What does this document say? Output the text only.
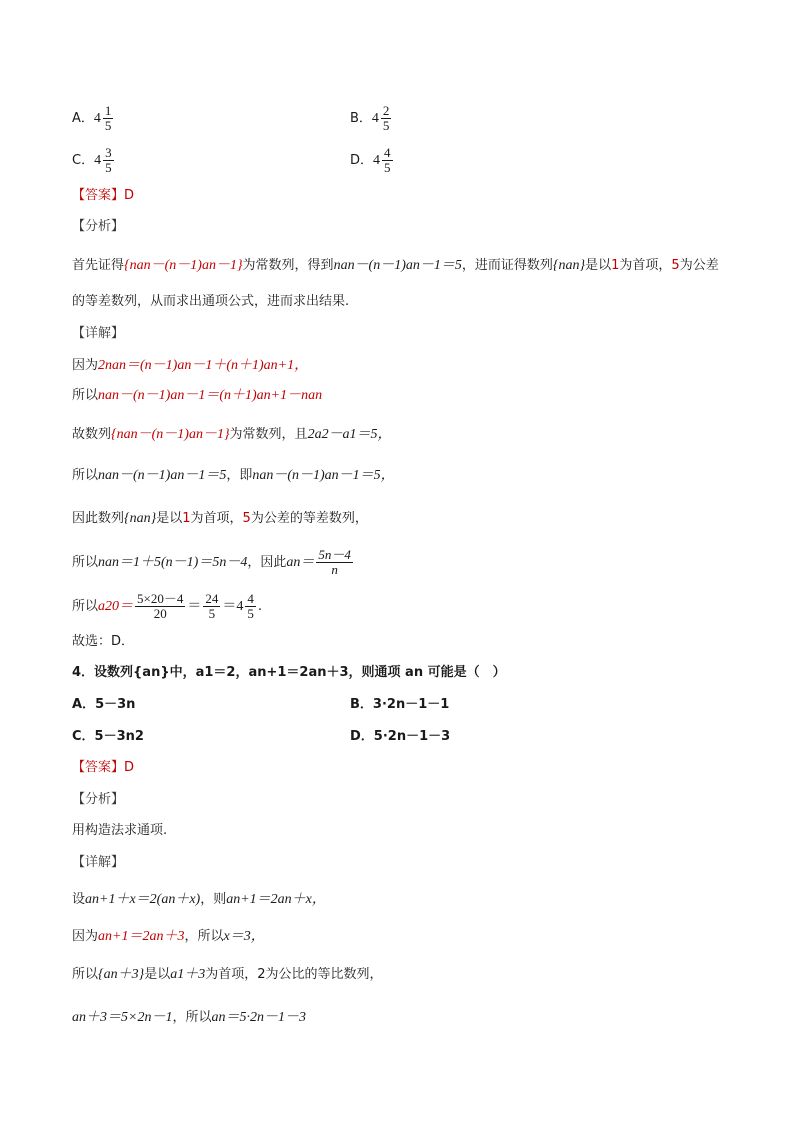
A．$4 \frac{1}{5}$	B．$4 \frac{2}{5}$
C．$4 \frac{3}{5}$	D．$4 \frac{4}{5}$
【答案】D
【分析】
首先证得{nan－(n－1)an－1}为常数列，得到nan－(n－1)an－1＝5，进而证得数列{nan}是以1为首项，5为公差
的等差数列，从而求出通项公式，进而求出结果.
【详解】
因为2nan＝(n－1)an－1＋(n＋1)an+1，
所以nan－(n－1)an－1＝(n＋1)an+1－nan
故数列{nan－(n－1)an－1}为常数列，且2a2－a1＝5，
所以nan－(n－1)an－1＝5，即nan－(n－1)an－1＝5，
因此数列{nan}是以1为首项，5为公差的等差数列，
所以nan＝1＋5(n－1)＝5n－4，因此$an= \frac{5n-4}{n}$
所以$a20= \frac{5\times 20-4}{20} = \frac{24}{5} =4 \frac{4}{5}$ .
故选：D．
4．设数列{an}中，a1＝2，an+1＝2an＋3，则通项 an 可能是（　）
A．5－3n	B．3·2n－1－1
C．5－3n2	D．5·2n－1－3
【答案】D
【分析】
用构造法求通项.
【详解】
设an+1＋x＝2(an＋x)，则an+1＝2an＋x，
因为an+1＝2an＋3，所以x＝3，
所以{an＋3}是以a1＋3为首项，2为公比的等比数列，
an＋3＝5×2n－1，所以an＝5·2n－1－3
